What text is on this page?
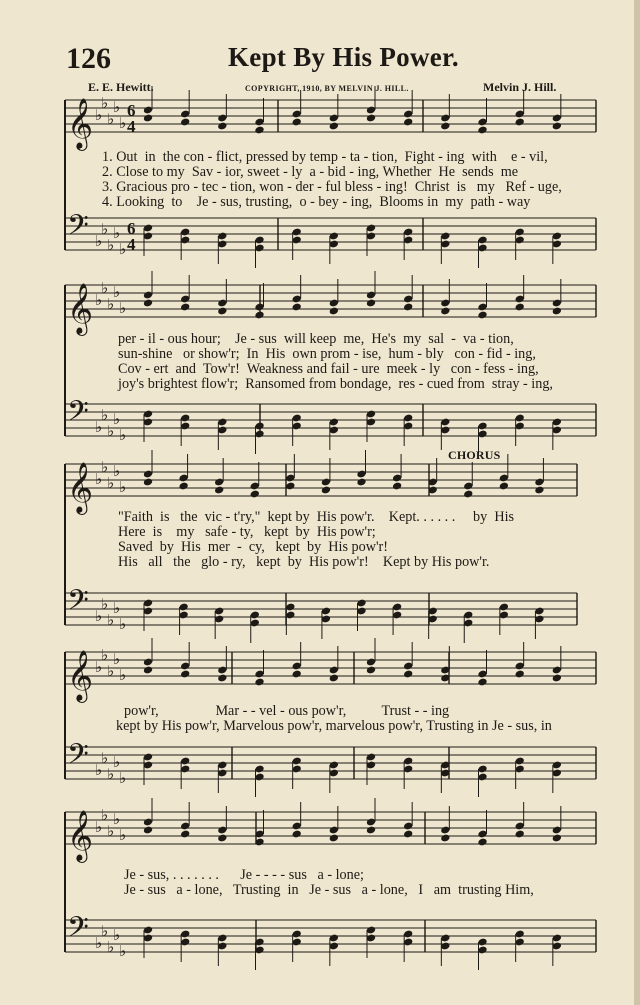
126	Kept By His Power.
E. E. Hewitt.	COPYRIGHT, 1910, BY MELVIN J. HILL.	Melvin J. Hill.
𝄞 ♭
♭
♭
♭
♭
6
4
𝄢 ♭
♭
♭
♭
♭
6
4
𝄞 ♭
♭
♭
♭
♭
𝄢 ♭
♭
♭
♭
♭
𝄞 ♭
♭
♭
♭
♭
𝄢 ♭
♭
♭
♭
♭
𝄞 ♭
♭
♭
♭
♭
𝄢 ♭
♭
♭
♭
♭
𝄞 ♭
♭
♭
♭
♭
𝄢 ♭
♭
♭
♭
♭
1. Out  in  the con - flict, pressed by temp - ta - tion,  Fight - ing  with    e - vil,
2. Close to my  Sav - ior, sweet - ly  a - bid - ing, Whether  He  sends  me
3. Gracious pro - tec - tion, won - der - ful bless - ing!  Christ  is   my   Ref - uge,
4. Looking  to    Je - sus, trusting,  o - bey - ing,  Blooms in  my  path - way
per - il - ous hour;    Je - sus  will keep  me,  He's  my  sal  -  va - tion,
sun-shine   or show'r;  In  His  own prom - ise,  hum - bly   con - fid - ing,
Cov - ert  and  Tow'r!  Weakness and fail - ure  meek - ly   con - fess - ing,
joy's brightest flow'r;  Ransomed from bondage,  res - cued from  stray - ing,
CHORUS
"Faith  is   the  vic - t'ry,"  kept by  His pow'r.    Kept. . . . . .     by  His
Here  is    my   safe - ty,   kept  by  His pow'r;
Saved  by  His  mer  -  cy,   kept  by  His pow'r!
His   all   the   glo - ry,   kept  by  His pow'r!    Kept by His pow'r.
pow'r,                Mar - - vel - ous pow'r,          Trust - - ing
kept by His pow'r, Marvelous pow'r, marvelous pow'r, Trusting in Je - sus, in
Je - sus, . . . . . . .      Je - - - - sus   a - lone;
Je - sus   a - lone,   Trusting  in   Je - sus   a - lone,   I   am  trusting Him,
